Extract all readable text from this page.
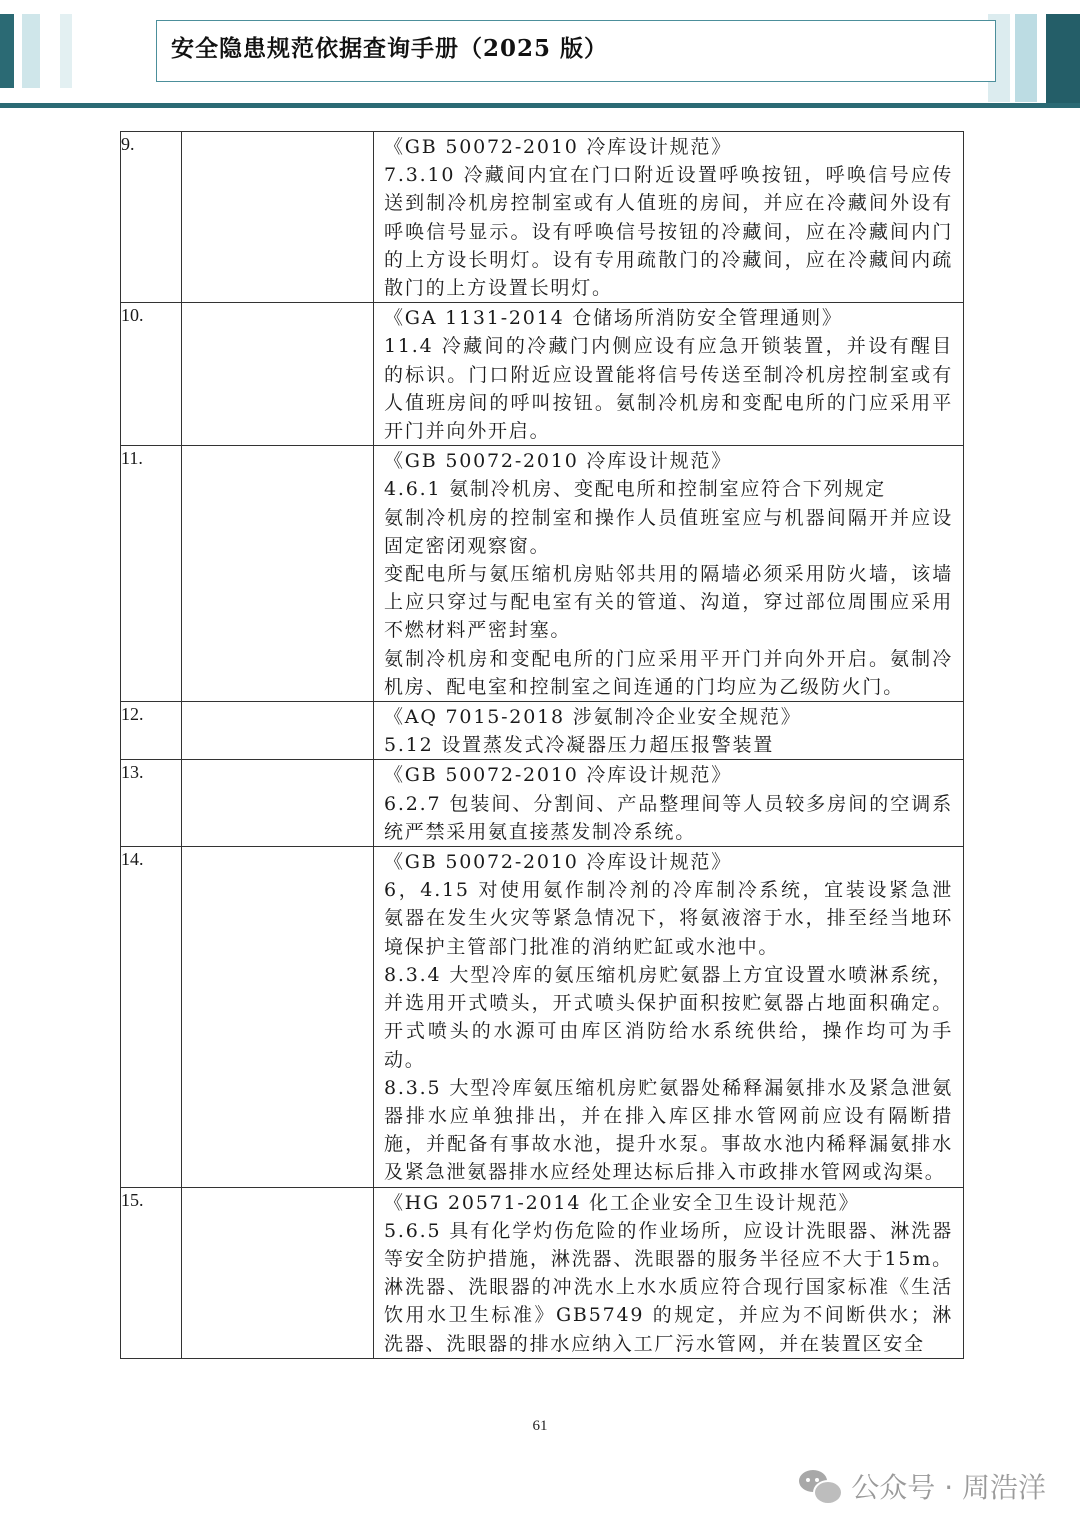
安全隐患规范依据查询手册（2025 版）
9.		《GB 50072-2010 冷库设计规范》

7.3.10 冷藏间内宜在门口附近设置呼唤按钮，呼唤信号应传送到制冷机房控制室或有人值班的房间，并应在冷藏间外设有呼唤信号显示。设有呼唤信号按钮的冷藏间，应在冷藏间内门的上方设长明灯。设有专用疏散门的冷藏间，应在冷藏间内疏散门的上方设置长明灯。

10.		《GA 1131-2014 仓储场所消防安全管理通则》

11.4 冷藏间的冷藏门内侧应设有应急开锁装置，并设有醒目的标识。门口附近应设置能将信号传送至制冷机房控制室或有人值班房间的呼叫按钮。氨制冷机房和变配电所的门应采用平开门并向外开启。

11.		《GB 50072-2010 冷库设计规范》

4.6.1 氨制冷机房、变配电所和控制室应符合下列规定

氨制冷机房的控制室和操作人员值班室应与机器间隔开并应设固定密闭观察窗。

变配电所与氨压缩机房贴邻共用的隔墙必须采用防火墙，该墙上应只穿过与配电室有关的管道、沟道，穿过部位周围应采用不燃材料严密封塞。

氨制冷机房和变配电所的门应采用平开门并向外开启。氨制冷机房、配电室和控制室之间连通的门均应为乙级防火门。

12.		《AQ 7015-2018 涉氨制冷企业安全规范》

5.12 设置蒸发式冷凝器压力超压报警装置

13.		《GB 50072-2010 冷库设计规范》

6.2.7 包装间、分割间、产品整理间等人员较多房间的空调系统严禁采用氨直接蒸发制冷系统。

14.		《GB 50072-2010 冷库设计规范》

6，4.15 对使用氨作制冷剂的冷库制冷系统，宜装设紧急泄氨器在发生火灾等紧急情况下，将氨液溶于水，排至经当地环境保护主管部门批准的消纳贮缸或水池中。

8.3.4 大型冷库的氨压缩机房贮氨器上方宜设置水喷淋系统，并选用开式喷头，开式喷头保护面积按贮氨器占地面积确定。开式喷头的水源可由库区消防给水系统供给，操作均可为手动。

8.3.5 大型冷库氨压缩机房贮氨器处稀释漏氨排水及紧急泄氨器排水应单独排出，并在排入库区排水管网前应设有隔断措施，并配备有事故水池，提升水泵。事故水池内稀释漏氨排水及紧急泄氨器排水应经处理达标后排入市政排水管网或沟渠。

15.		《HG 20571-2014 化工企业安全卫生设计规范》

5.6.5 具有化学灼伤危险的作业场所，应设计洗眼器、淋洗器等安全防护措施，淋洗器、洗眼器的服务半径应不大于15m。淋洗器、洗眼器的冲洗水上水水质应符合现行国家标准《生活饮用水卫生标准》GB5749 的规定，并应为不间断供水；淋洗器、洗眼器的排水应纳入工厂污水管网，并在装置区安全

61
公众号 · 周浩洋
